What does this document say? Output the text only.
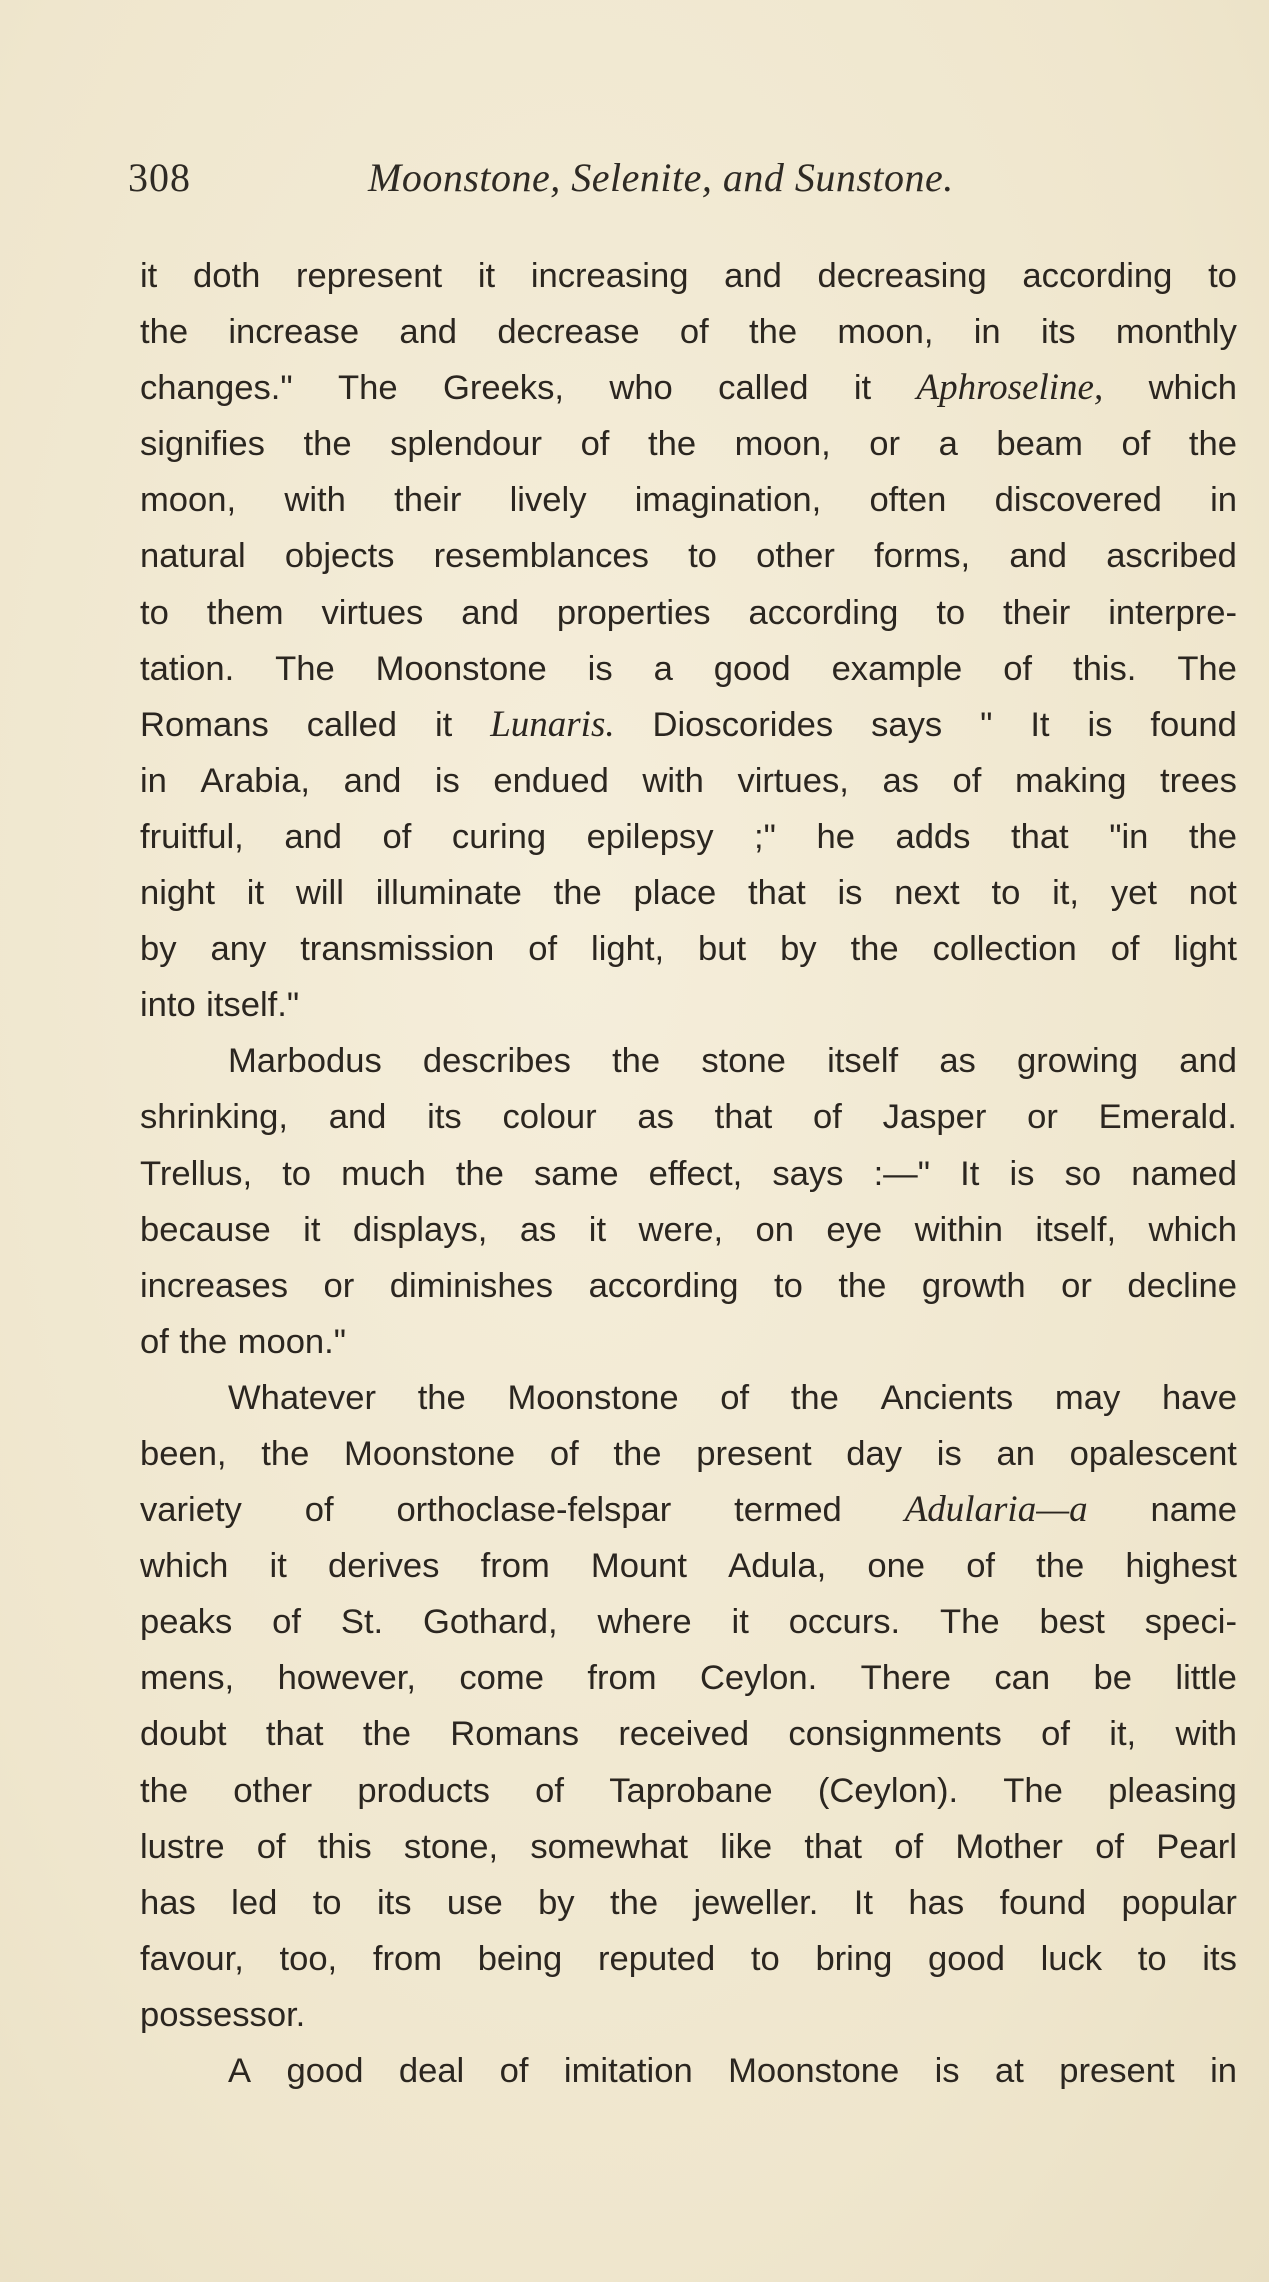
308	Moonstone, Selenite, and Sunstone.
it doth represent it increasing and decreasing according to
the increase and decrease of the moon, in its monthly
changes." The Greeks, who called it Aphroseline, which
signifies the splendour of the moon, or a beam of the
moon, with their lively imagination, often discovered in
natural objects resemblances to other forms, and ascribed
to them virtues and properties according to their interpre-
tation. The Moonstone is a good example of this. The
Romans called it Lunaris. Dioscorides says " It is found
in Arabia, and is endued with virtues, as of making trees
fruitful, and of curing epilepsy ;" he adds that "in the
night it will illuminate the place that is next to it, yet not
by any transmission of light, but by the collection of light
into itself."
Marbodus describes the stone itself as growing and
shrinking, and its colour as that of Jasper or Emerald.
Trellus, to much the same effect, says :—" It is so named
because it displays, as it were, on eye within itself, which
increases or diminishes according to the growth or decline
of the moon."
Whatever the Moonstone of the Ancients may have
been, the Moonstone of the present day is an opalescent
variety of orthoclase-felspar termed Adularia—a name
which it derives from Mount Adula, one of the highest
peaks of St. Gothard, where it occurs. The best speci-
mens, however, come from Ceylon. There can be little
doubt that the Romans received consignments of it, with
the other products of Taprobane (Ceylon). The pleasing
lustre of this stone, somewhat like that of Mother of Pearl
has led to its use by the jeweller. It has found popular
favour, too, from being reputed to bring good luck to its
possessor.
A good deal of imitation Moonstone is at present in
